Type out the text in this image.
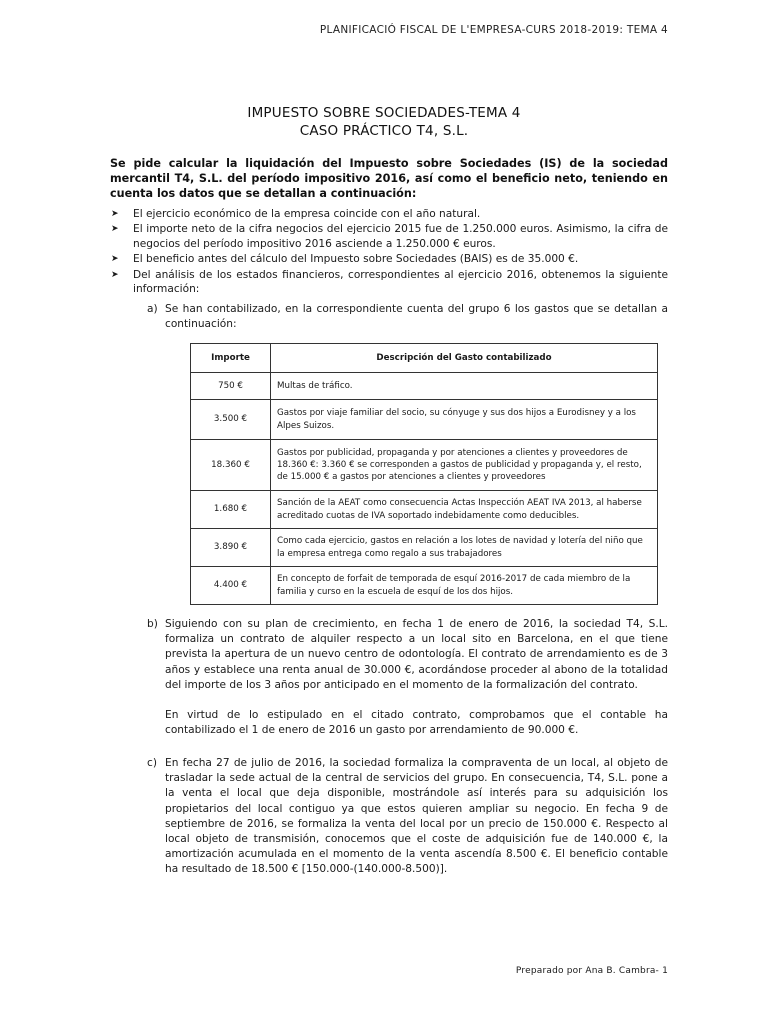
PLANIFICACIÓ FISCAL DE L'EMPRESA-CURS 2018-2019: TEMA 4
IMPUESTO SOBRE SOCIEDADES-TEMA 4
CASO PRÁCTICO T4, S.L.
Se pide calcular la liquidación del Impuesto sobre Sociedades (IS) de la sociedad mercantil T4, S.L. del período impositivo 2016, así como el beneficio neto, teniendo en cuenta los datos que se detallan a continuación:
➤ El ejercicio económico de la empresa coincide con el año natural.
➤ El importe neto de la cifra negocios del ejercicio 2015 fue de 1.250.000 euros. Asimismo, la cifra de negocios del período impositivo 2016 asciende a 1.250.000 € euros.
➤ El beneficio antes del cálculo del Impuesto sobre Sociedades (BAIS) es de 35.000 €.
➤ Del análisis de los estados financieros, correspondientes al ejercicio 2016, obtenemos la siguiente información:
a) Se han contabilizado, en la correspondiente cuenta del grupo 6 los gastos que se detallan a continuación:

Importe	Descripción del Gasto contabilizado
750 €	Multas de tráfico.
3.500 €	Gastos por viaje familiar del socio, su cónyuge y sus dos hijos a Eurodisney y a los Alpes Suizos.
18.360 €	Gastos por publicidad, propaganda y por atenciones a clientes y proveedores de 18.360 €: 3.360 € se corresponden a gastos de publicidad y propaganda y, el resto, de 15.000 € a gastos por atenciones a clientes y proveedores
1.680 €	Sanción de la AEAT como consecuencia Actas Inspección AEAT IVA 2013, al haberse acreditado cuotas de IVA soportado indebidamente como deducibles.
3.890 €	Como cada ejercicio, gastos en relación a los lotes de navidad y lotería del niño que la empresa entrega como regalo a sus trabajadores
4.400 €	En concepto de forfait de temporada de esquí 2016-2017 de cada miembro de la familia y curso en la escuela de esquí de los dos hijos.
b) Siguiendo con su plan de crecimiento, en fecha 1 de enero de 2016, la sociedad T4, S.L. formaliza un contrato de alquiler respecto a un local sito en Barcelona, en el que tiene prevista la apertura de un nuevo centro de odontología. El contrato de arrendamiento es de 3 años y establece una renta anual de 30.000 €, acordándose proceder al abono de la totalidad del importe de los 3 años por anticipado en el momento de la formalización del contrato.

En virtud de lo estipulado en el citado contrato, comprobamos que el contable ha contabilizado el 1 de enero de 2016 un gasto por arrendamiento de 90.000 €.

c) En fecha 27 de julio de 2016, la sociedad formaliza la compraventa de un local, al objeto de trasladar la sede actual de la central de servicios del grupo. En consecuencia, T4, S.L. pone a la venta el local que deja disponible, mostrándole así interés para su adquisición los propietarios del local contiguo ya que estos quieren ampliar su negocio. En fecha 9 de septiembre de 2016, se formaliza la venta del local por un precio de 150.000 €. Respecto al local objeto de transmisión, conocemos que el coste de adquisición fue de 140.000 €, la amortización acumulada en el momento de la venta ascendía 8.500 €. El beneficio contable ha resultado de 18.500 € [150.000-(140.000-8.500)].

Preparado por Ana B. Cambra- 1
